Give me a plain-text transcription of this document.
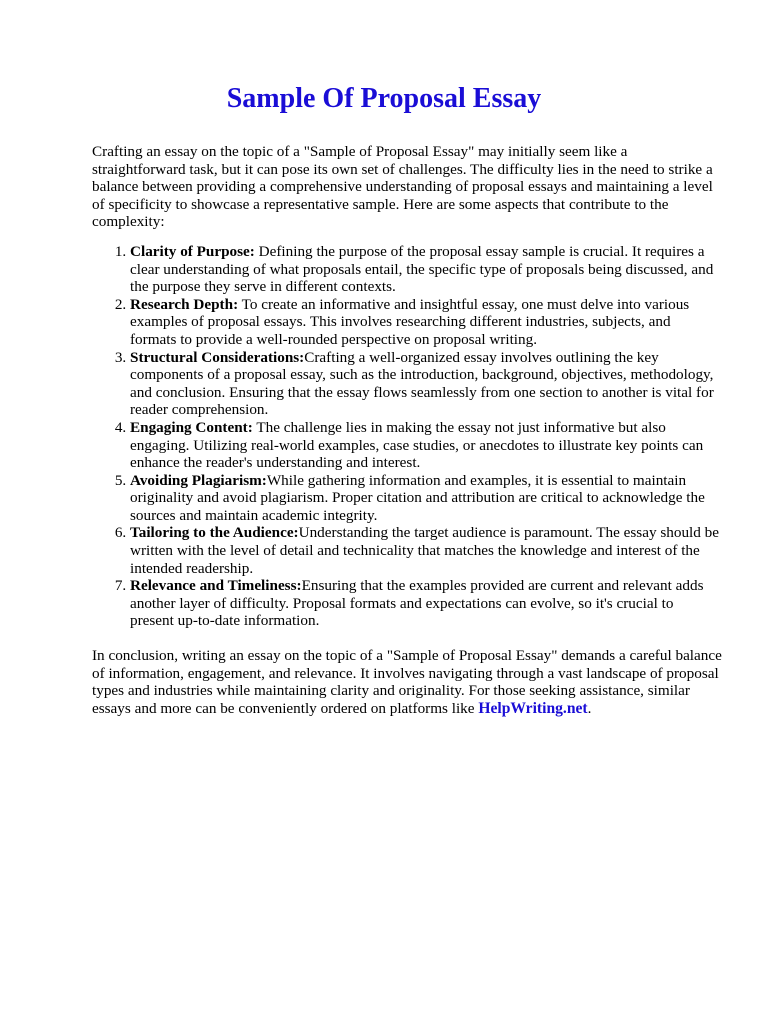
Sample Of Proposal Essay

Crafting an essay on the topic of a "Sample of Proposal Essay" may initially seem like a straightforward task, but it can pose its own set of challenges. The difficulty lies in the need to strike a balance between providing a comprehensive understanding of proposal essays and maintaining a level of specificity to showcase a representative sample. Here are some aspects that contribute to the complexity:

1. Clarity of Purpose: Defining the purpose of the proposal essay sample is crucial. It requires a clear understanding of what proposals entail, the specific type of proposals being discussed, and the purpose they serve in different contexts.
2. Research Depth: To create an informative and insightful essay, one must delve into various examples of proposal essays. This involves researching different industries, subjects, and formats to provide a well-rounded perspective on proposal writing.
3. Structural Considerations:Crafting a well-organized essay involves outlining the key components of a proposal essay, such as the introduction, background, objectives, methodology, and conclusion. Ensuring that the essay flows seamlessly from one section to another is vital for reader comprehension.
4. Engaging Content: The challenge lies in making the essay not just informative but also engaging. Utilizing real-world examples, case studies, or anecdotes to illustrate key points can enhance the reader's understanding and interest.
5. Avoiding Plagiarism:While gathering information and examples, it is essential to maintain originality and avoid plagiarism. Proper citation and attribution are critical to acknowledge the sources and maintain academic integrity.
6. Tailoring to the Audience:Understanding the target audience is paramount. The essay should be written with the level of detail and technicality that matches the knowledge and interest of the intended readership.
7. Relevance and Timeliness:Ensuring that the examples provided are current and relevant adds another layer of difficulty. Proposal formats and expectations can evolve, so it's crucial to present up-to-date information.

In conclusion, writing an essay on the topic of a "Sample of Proposal Essay" demands a careful balance of information, engagement, and relevance. It involves navigating through a vast landscape of proposal types and industries while maintaining clarity and originality. For those seeking assistance, similar essays and more can be conveniently ordered on platforms like HelpWriting.net.
